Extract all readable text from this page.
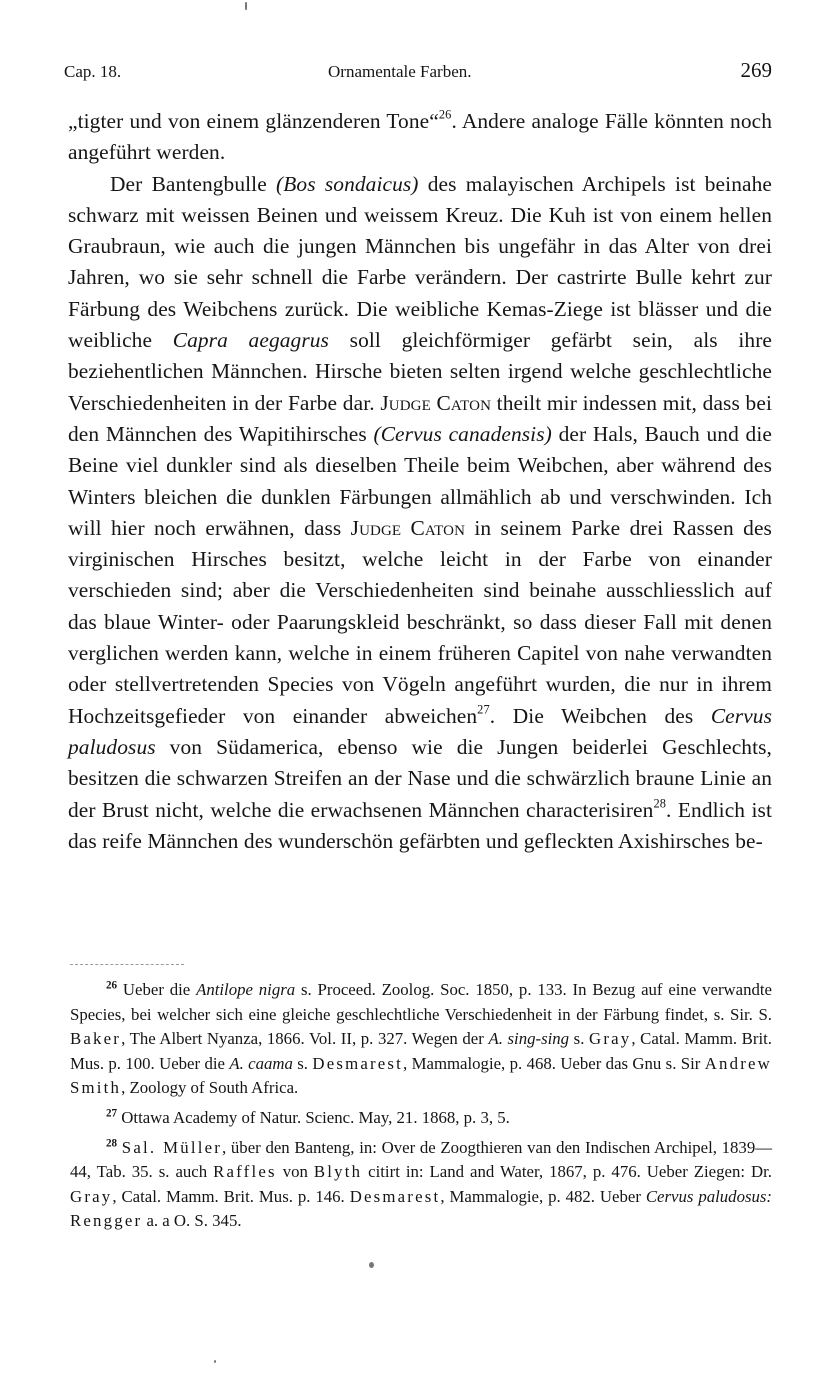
Cap. 18.	Ornamentale Farben.	269

„tigter und von einem glänzenderen Tone“$^{26}$. Andere analoge Fälle könnten noch angeführt werden.

Der Bantengbulle (Bos sondaicus) des malayischen Archipels ist beinahe schwarz mit weissen Beinen und weissem Kreuz. Die Kuh ist von einem hellen Graubraun, wie auch die jungen Männchen bis ungefähr in das Alter von drei Jahren, wo sie sehr schnell die Farbe verändern. Der castrirte Bulle kehrt zur Färbung des Weibchens zurück. Die weibliche Kemas-Ziege ist blässer und die weibliche Capra aegagrus soll gleichförmiger gefärbt sein, als ihre beziehentlichen Männchen. Hirsche bieten selten irgend welche geschlechtliche Verschiedenheiten in der Farbe dar. Judge Caton theilt mir indessen mit, dass bei den Männchen des Wapitihirsches (Cervus canadensis) der Hals, Bauch und die Beine viel dunkler sind als dieselben Theile beim Weibchen, aber während des Winters bleichen die dunklen Färbungen allmählich ab und verschwinden. Ich will hier noch erwähnen, dass Judge Caton in seinem Parke drei Rassen des virginischen Hirsches besitzt, welche leicht in der Farbe von einander verschieden sind; aber die Verschiedenheiten sind beinahe ausschliesslich auf das blaue Winter- oder Paarungskleid beschränkt, so dass dieser Fall mit denen verglichen werden kann, welche in einem früheren Capitel von nahe verwandten oder stellvertretenden Species von Vögeln angeführt wurden, die nur in ihrem Hochzeitsgefieder von einander abweichen$^{27}$. Die Weibchen des Cervus paludosus von Südamerica, ebenso wie die Jungen beiderlei Geschlechts, besitzen die schwarzen Streifen an der Nase und die schwärzlich braune Linie an der Brust nicht, welche die erwachsenen Männchen characterisiren$^{28}$. Endlich ist das reife Männchen des wunderschön gefärbten und gefleckten Axishirsches be-

$^{26}$ Ueber die Antilope nigra s. Proceed. Zoolog. Soc. 1850, p. 133. In Bezug auf eine verwandte Species, bei welcher sich eine gleiche geschlechtliche Verschiedenheit in der Färbung findet, s. Sir. S. Baker, The Albert Nyanza, 1866. Vol. II, p. 327. Wegen der A. sing-sing s. Gray, Catal. Mamm. Brit. Mus. p. 100. Ueber die A. caama s. Desmarest, Mammalogie, p. 468. Ueber das Gnu s. Sir Andrew Smith, Zoology of South Africa.

$^{27}$ Ottawa Academy of Natur. Scienc. May, 21. 1868, p. 3, 5.

$^{28}$ Sal. Müller, über den Banteng, in: Over de Zoogthieren van den Indischen Archipel, 1839—44, Tab. 35. s. auch Raffles von Blyth citirt in: Land and Water, 1867, p. 476. Ueber Ziegen: Dr. Gray, Catal. Mamm. Brit. Mus. p. 146. Desmarest, Mammalogie, p. 482. Ueber Cervus paludosus: Rengger a. a O. S. 345.
